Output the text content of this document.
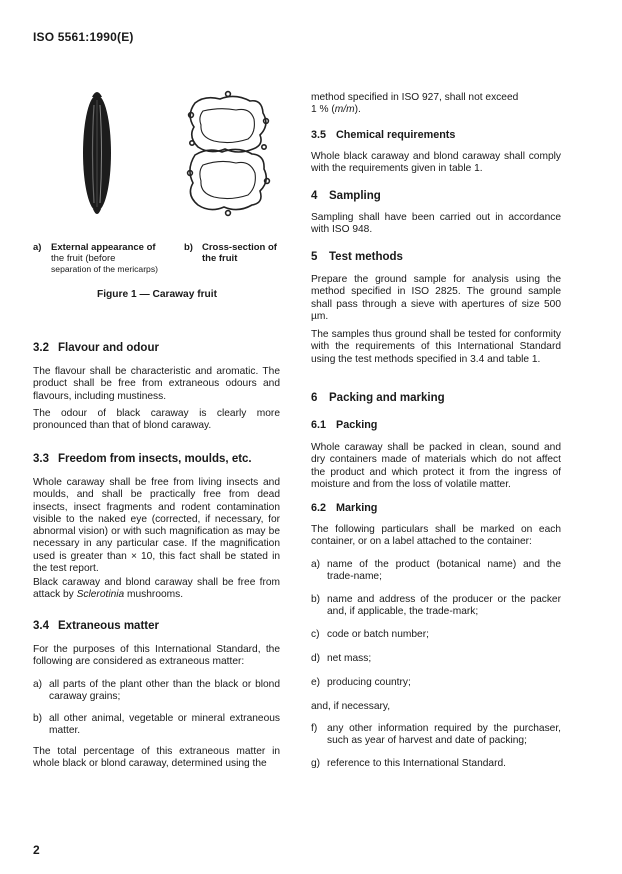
ISO 5561:1990(E)
a) External appearance of
the fruit (before
separation of the mericarps)
b) Cross-section of
the fruit
Figure 1 — Caraway fruit
3.2 Flavour and odour

The flavour shall be characteristic and aromatic. The product shall be free from extraneous odours and flavours, including mustiness.

The odour of black caraway is clearly more pronounced than that of blond caraway.

3.3 Freedom from insects, moulds, etc.

Whole caraway shall be free from living insects and moulds, and shall be practically free from dead insects, insect fragments and rodent contamination visible to the naked eye (corrected, if necessary, for abnormal vision) or with such magnification as may be necessary in any particular case. If the magnification used is greater than × 10, this fact shall be stated in the test report.

Black caraway and blond caraway shall be free from attack by Sclerotinia mushrooms.

3.4 Extraneous matter

For the purposes of this International Standard, the following are considered as extraneous matter:

a) all parts of the plant other than the black or blond caraway grains;
b) all other animal, vegetable or mineral extraneous matter.

The total percentage of this extraneous matter in whole black or blond caraway, determined using the

method specified in ISO 927, shall not exceed
1 % (m/m).

3.5 Chemical requirements

Whole black caraway and blond caraway shall comply with the requirements given in table 1.

4 Sampling

Sampling shall have been carried out in accordance with ISO 948.

5 Test methods

Prepare the ground sample for analysis using the method specified in ISO 2825. The ground sample shall pass through a sieve with apertures of size 500 µm.

The samples thus ground shall be tested for conformity with the requirements of this International Standard using the test methods specified in 3.4 and table 1.

6 Packing and marking
6.1 Packing

Whole caraway shall be packed in clean, sound and dry containers made of materials which do not affect the product and which protect it from the ingress of moisture and from the loss of volatile matter.

6.2 Marking

The following particulars shall be marked on each container, or on a label attached to the container:

a) name of the product (botanical name) and the trade-name;
b) name and address of the producer or the packer and, if applicable, the trade-mark;
c) code or batch number;
d) net mass;
e) producing country;

and, if necessary,

f) any other information required by the purchaser, such as year of harvest and date of packing;
g) reference to this International Standard.
2
